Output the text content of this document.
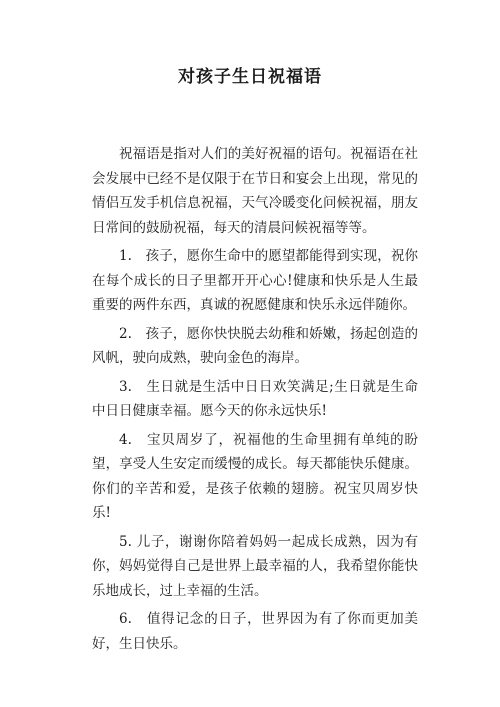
对孩子生日祝福语

祝福语是指对人们的美好祝福的语句。祝福语在社会发展中已经不是仅限于在节日和宴会上出现，常见的情侣互发手机信息祝福，天气冷暖变化问候祝福，朋友日常间的鼓励祝福，每天的清晨问候祝福等等。

1.　孩子，愿你生命中的愿望都能得到实现，祝你在每个成长的日子里都开开心心!健康和快乐是人生最重要的两件东西，真诚的祝愿健康和快乐永远伴随你。

2.　孩子，愿你快快脱去幼稚和娇嫩，扬起创造的风帆，驶向成熟，驶向金色的海岸。

3.　生日就是生活中日日欢笑满足;生日就是生命中日日健康幸福。愿今天的你永远快乐!

4.　宝贝周岁了，祝福他的生命里拥有单纯的盼望，享受人生安定而缓慢的成长。每天都能快乐健康。你们的辛苦和爱，是孩子依赖的翅膀。祝宝贝周岁快乐!

5. 儿子，谢谢你陪着妈妈一起成长成熟，因为有你，妈妈觉得自己是世界上最幸福的人，我希望你能快乐地成长，过上幸福的生活。

6.　值得记念的日子，世界因为有了你而更加美好，生日快乐。
